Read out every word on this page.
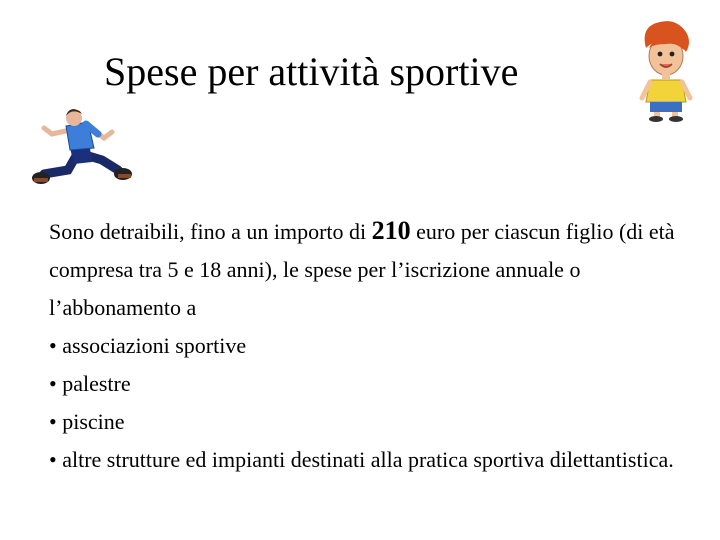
Spese per attività sportive

Sono detraibili, fino a un importo di 210 euro per ciascun figlio (di età compresa tra 5 e 18 anni), le spese per l’iscrizione annuale o l’abbonamento a

• associazioni sportive

• palestre

• piscine

• altre strutture ed impianti destinati alla pratica sportiva dilettantistica.
